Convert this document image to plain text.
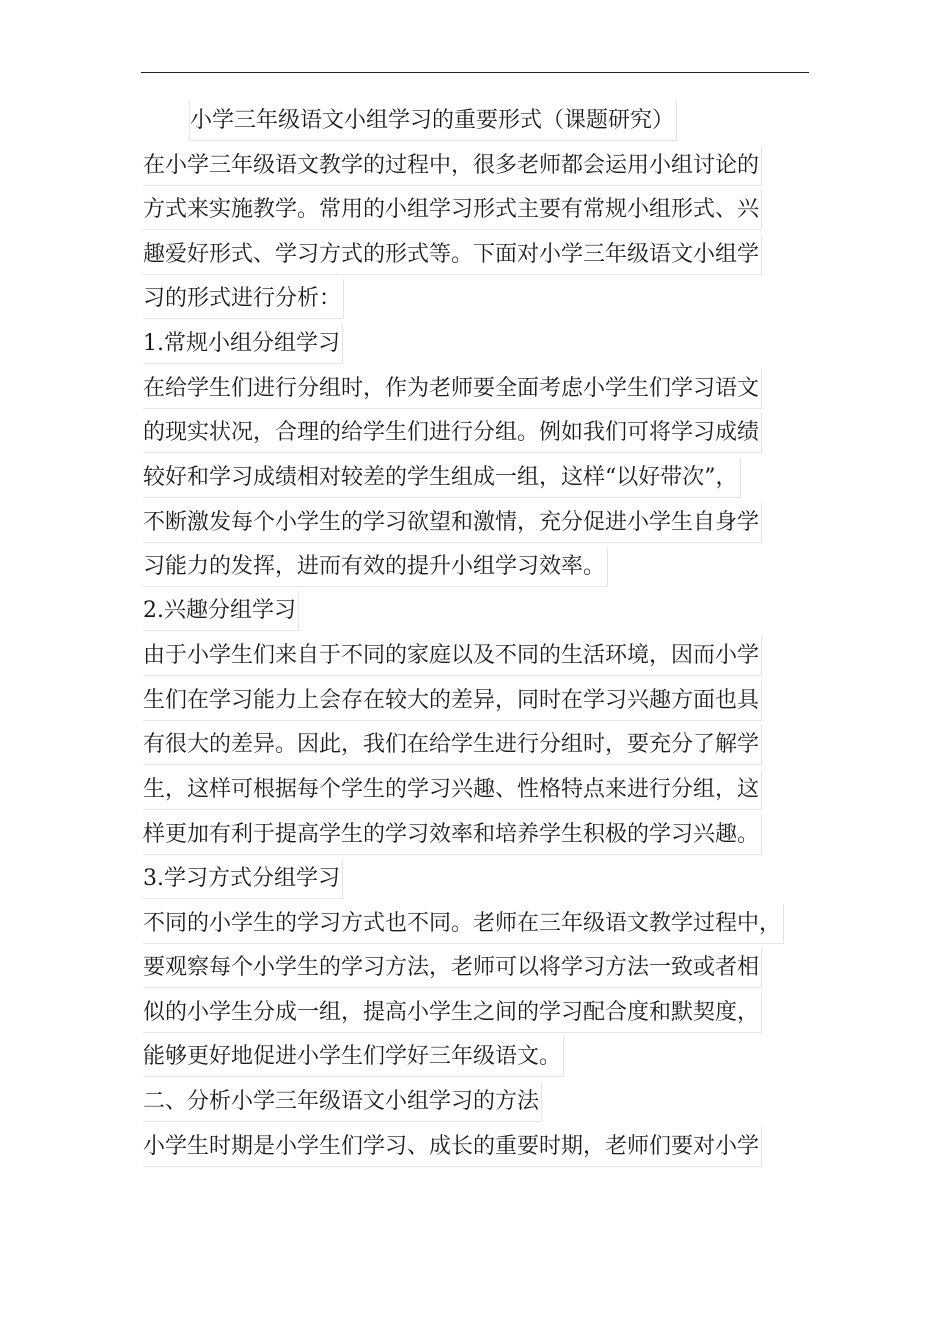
小学三年级语文小组学习的重要形式（课题研究）
在小学三年级语文教学的过程中，很多老师都会运用小组讨论的
方式来实施教学。常用的小组学习形式主要有常规小组形式、兴
趣爱好形式、学习方式的形式等。下面对小学三年级语文小组学
习的形式进行分析：
1.常规小组分组学习
在给学生们进行分组时，作为老师要全面考虑小学生们学习语文
的现实状况，合理的给学生们进行分组。例如我们可将学习成绩
较好和学习成绩相对较差的学生组成一组，这样“以好带次”，
不断激发每个小学生的学习欲望和激情，充分促进小学生自身学
习能力的发挥，进而有效的提升小组学习效率。
2.兴趣分组学习
由于小学生们来自于不同的家庭以及不同的生活环境，因而小学
生们在学习能力上会存在较大的差异，同时在学习兴趣方面也具
有很大的差异。因此，我们在给学生进行分组时，要充分了解学
生，这样可根据每个学生的学习兴趣、性格特点来进行分组，这
样更加有利于提高学生的学习效率和培养学生积极的学习兴趣。
3.学习方式分组学习
不同的小学生的学习方式也不同。老师在三年级语文教学过程中，
要观察每个小学生的学习方法，老师可以将学习方法一致或者相
似的小学生分成一组，提高小学生之间的学习配合度和默契度，
能够更好地促进小学生们学好三年级语文。
二、分析小学三年级语文小组学习的方法
小学生时期是小学生们学习、成长的重要时期，老师们要对小学
